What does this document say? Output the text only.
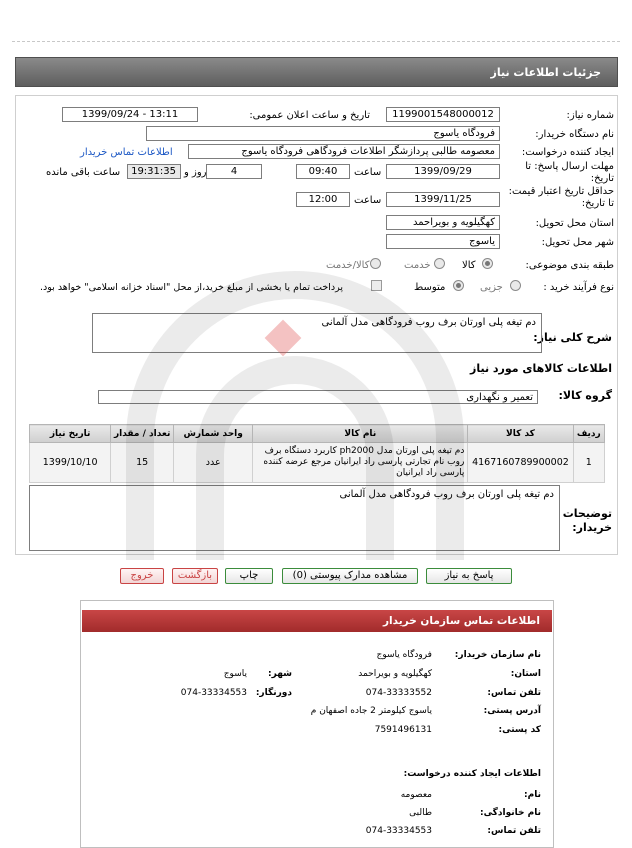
جزئیات اطلاعات نیاز
شماره نیاز:
1199001548000012
تاریخ و ساعت اعلان عمومی:
1399/09/24 - 13:11
نام دستگاه خریدار:
فرودگاه یاسوج
ایجاد کننده درخواست:
معصومه طالبی پردازشگر اطلاعات فرودگاهی فرودگاه یاسوج
اطلاعات تماس خریدار
مهلت ارسال پاسخ: تا تاریخ:
1399/09/29
ساعت
09:40
4
روز و
19:31:35
ساعت باقی مانده
حداقل تاریخ اعتبار قیمت: تا تاریخ:
1399/11/25
ساعت
12:00
استان محل تحویل:
کهگیلویه و بویراحمد
شهر محل تحویل:
یاسوج
طبقه بندی موضوعی:
کالا
خدمت
کالا/خدمت
نوع فرآیند خرید :
جزیی
متوسط
پرداخت تمام یا بخشی از مبلغ خرید،از محل "اسناد خزانه اسلامی" خواهد بود.
شرح کلی نیاز:
دم تیغه پلی اورتان برف روب فرودگاهی مدل آلمانی
اطلاعات کالاهای مورد نیاز
گروه کالا:
تعمیر و نگهداری
ردیف	کد کالا	نام کالا	واحد شمارش	تعداد / مقدار	تاریخ نیاز
1	4167160789900002	دم تیغه پلی اورتان مدل ph2000 کاربرد دستگاه برف روب نام تجارتی پارسی راد ایرانیان مرجع عرضه کننده پارسی راد ایرانیان	عدد	15	1399/10/10
توضیحات خریدار:
دم تیغه پلی اورتان برف روب فرودگاهی مدل آلمانی
پاسخ به نیاز
مشاهده مدارک پیوستی (0)
چاپ
بازگشت
خروج
اطلاعات تماس سازمان خریدار
نام سازمان خریدار:
فرودگاه یاسوج
استان:
کهگیلویه و بویراحمد
شهر:
یاسوج
تلفن تماس:
074-33333552
دورنگار:
074-33334553
آدرس پستی:
یاسوج کیلومتر 2 جاده اصفهان م
کد پستی:
7591496131
اطلاعات ایجاد کننده درخواست:
نام:
معصومه
نام خانوادگی:
طالبی
تلفن تماس:
074-33334553
